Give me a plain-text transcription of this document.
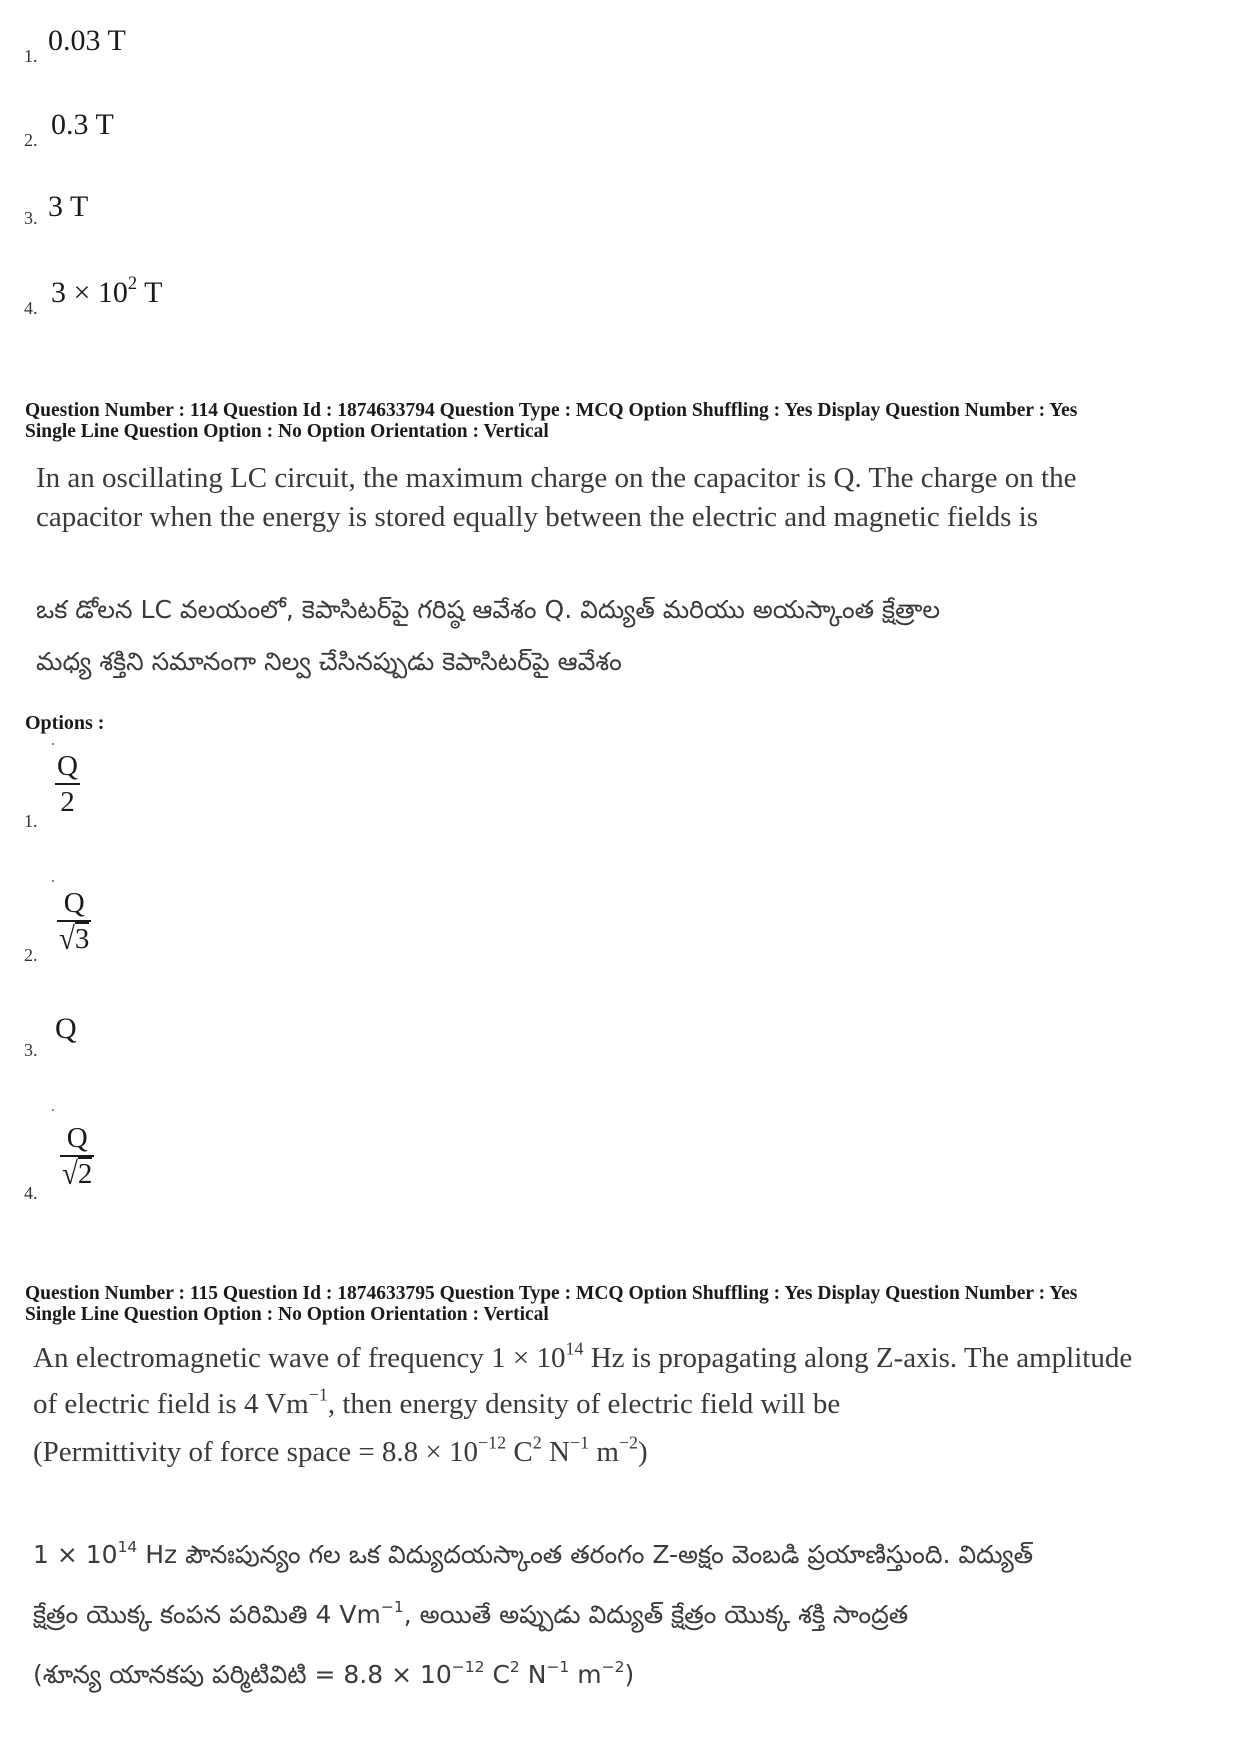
1. 0.03 T
2. 0.3 T
3. 3 T
4. $3 \times 10^2$ T
Question Number : 114 Question Id : 1874633794 Question Type : MCQ Option Shuffling : Yes Display Question Number : Yes
Single Line Question Option : No Option Orientation : Vertical
In an oscillating LC circuit, the maximum charge on the capacitor is Q. The charge on the
capacitor when the energy is stored equally between the electric and magnetic fields is
ఒక డోలన LC వలయంలో, కెపాసిటర్‌పై గరిష్ఠ ఆవేశం Q. విద్యుత్ మరియు అయస్కాంత క్షేత్రాల
మధ్య శక్తిని సమానంగా నిల్వ చేసినప్పుడు కెపాసిటర్‌పై ఆవేశం
Options :
1.
Q
2
2.
Q
√3
3.
Q
4.
Q
√2
Question Number : 115 Question Id : 1874633795 Question Type : MCQ Option Shuffling : Yes Display Question Number : Yes
Single Line Question Option : No Option Orientation : Vertical
An electromagnetic wave of frequency $1 \times 10^{14}$ Hz is propagating along Z-axis. The amplitude
of electric field is 4 $Vm^{-1}$, then energy density of electric field will be
(Permittivity of force space = $8.8 \times 10^{-12}$ $C^2$ $N^{-1}$ $m^{-2}$)
$1 \times 10^{14}$ Hz పౌనఃపున్యం గల ఒక విద్యుదయస్కాంత తరంగం Z-అక్షం వెంబడి ప్రయాణిస్తుంది. విద్యుత్
క్షేత్రం యొక్క కంపన పరిమితి 4 $Vm^{-1}$, అయితే అప్పుడు విద్యుత్ క్షేత్రం యొక్క శక్తి సాంద్రత
(శూన్య యానకపు పర్మిటివిటి = $8.8 \times 10^{-12}$ $C^2$ $N^{-1}$ $m^{-2}$)
